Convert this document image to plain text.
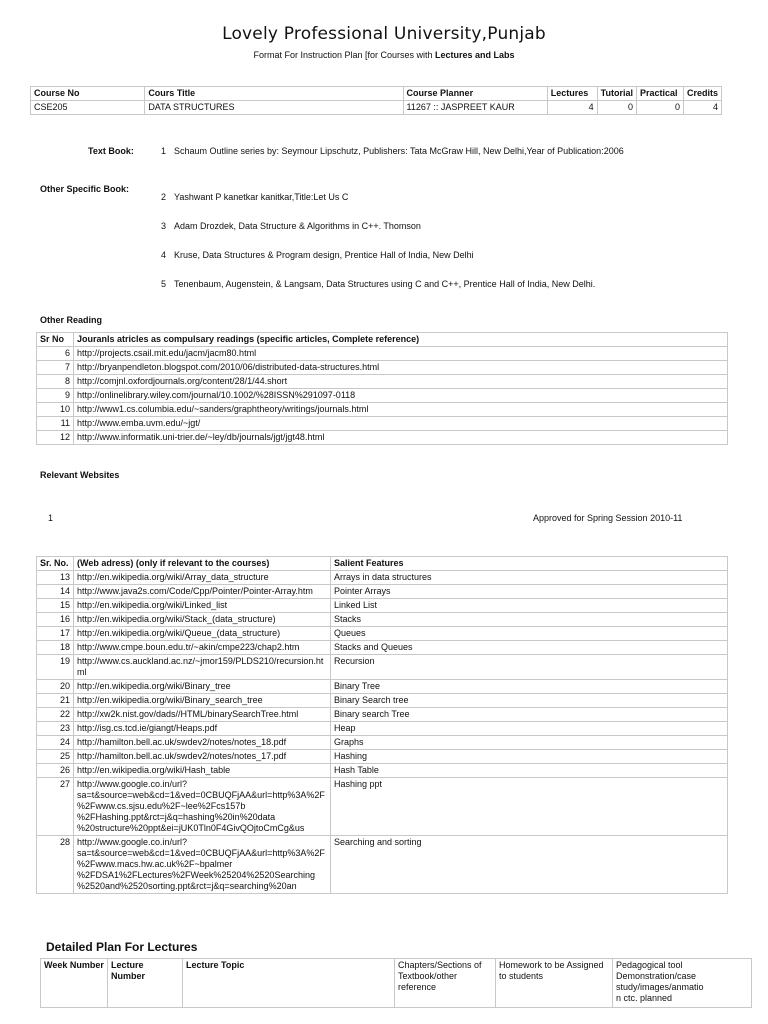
Lovely Professional University,Punjab
Format For Instruction Plan [for Courses with Lectures and Labs
Course No	Cours Title	Course Planner	Lectures	Tutorial	Practical	Credits
CSE205	DATA STRUCTURES	11267 :: JASPREET KAUR	4	0	0	4
Text Book:	1 Schaum Outline series by: Seymour Lipschutz, Publishers: Tata McGraw Hill, New Delhi,Year of Publication:2006
Other Specific Book:
2 Yashwant P kanetkar kanitkar,Title:Let Us C
3 Adam Drozdek, Data Structure & Algorithms in C++. Thomson
4 Kruse, Data Structures & Program design, Prentice Hall of India, New Delhi
5 Tenenbaum, Augenstein, & Langsam, Data Structures using C and C++, Prentice Hall of India, New Delhi.
Other Reading
Sr No	Jouranls atricles as compulsary readings (specific articles, Complete reference)
6	http://projects.csail.mit.edu/jacm/jacm80.html
7	http://bryanpendleton.blogspot.com/2010/06/distributed-data-structures.html
8	http://comjnl.oxfordjournals.org/content/28/1/44.short
9	http://onlinelibrary.wiley.com/journal/10.1002/%28ISSN%291097-0118
10	http://www1.cs.columbia.edu/~sanders/graphtheory/writings/journals.html
11	http://www.emba.uvm.edu/~jgt/
12	http://www.informatik.uni-trier.de/~ley/db/journals/jgt/jgt48.html
Relevant Websites
1	Approved for Spring Session 2010-11
Sr. No.	(Web adress) (only if relevant to the courses)	Salient Features
13	http://en.wikipedia.org/wiki/Array_data_structure	Arrays in data structures
14	http://www.java2s.com/Code/Cpp/Pointer/Pointer-Array.htm	Pointer Arrays
15	http://en.wikipedia.org/wiki/Linked_list	Linked List
16	http://en.wikipedia.org/wiki/Stack_(data_structure)	Stacks
17	http://en.wikipedia.org/wiki/Queue_(data_structure)	Queues
18	http://www.cmpe.boun.edu.tr/~akin/cmpe223/chap2.htm	Stacks and Queues
19	http://www.cs.auckland.ac.nz/~jmor159/PLDS210/recursion.ht
ml	Recursion
20	http://en.wikipedia.org/wiki/Binary_tree	Binary Tree
21	http://en.wikipedia.org/wiki/Binary_search_tree	Binary Search tree
22	http://xw2k.nist.gov/dads//HTML/binarySearchTree.html	Binary search Tree
23	http://isg.cs.tcd.ie/giangt/Heaps.pdf	Heap
24	http://hamilton.bell.ac.uk/swdev2/notes/notes_18.pdf	Graphs
25	http://hamilton.bell.ac.uk/swdev2/notes/notes_17.pdf	Hashing
26	http://en.wikipedia.org/wiki/Hash_table	Hash Table
27	http://www.google.co.in/url?
sa=t&source=web&cd=1&ved=0CBUQFjAA&url=http%3A%2F
%2Fwww.cs.sjsu.edu%2F~lee%2Fcs157b
%2FHashing.ppt&rct=j&q=hashing%20in%20data
%20structure%20ppt&ei=jUK0Tln0F4GivQOjtoCmCg&us	Hashing ppt
28	http://www.google.co.in/url?
sa=t&source=web&cd=1&ved=0CBUQFjAA&url=http%3A%2F
%2Fwww.macs.hw.ac.uk%2F~bpalmer
%2FDSA1%2FLectures%2FWeek%25204%2520Searching
%2520and%2520sorting.ppt&rct=j&q=searching%20an	Searching and sorting
Detailed Plan For Lectures
Week Number	Lecture Number	Lecture Topic	Chapters/Sections of
Textbook/other
reference	Homework to be Assigned
to students	Pedagogical tool
Demonstration/case
study/images/anmatio
n ctc. planned
